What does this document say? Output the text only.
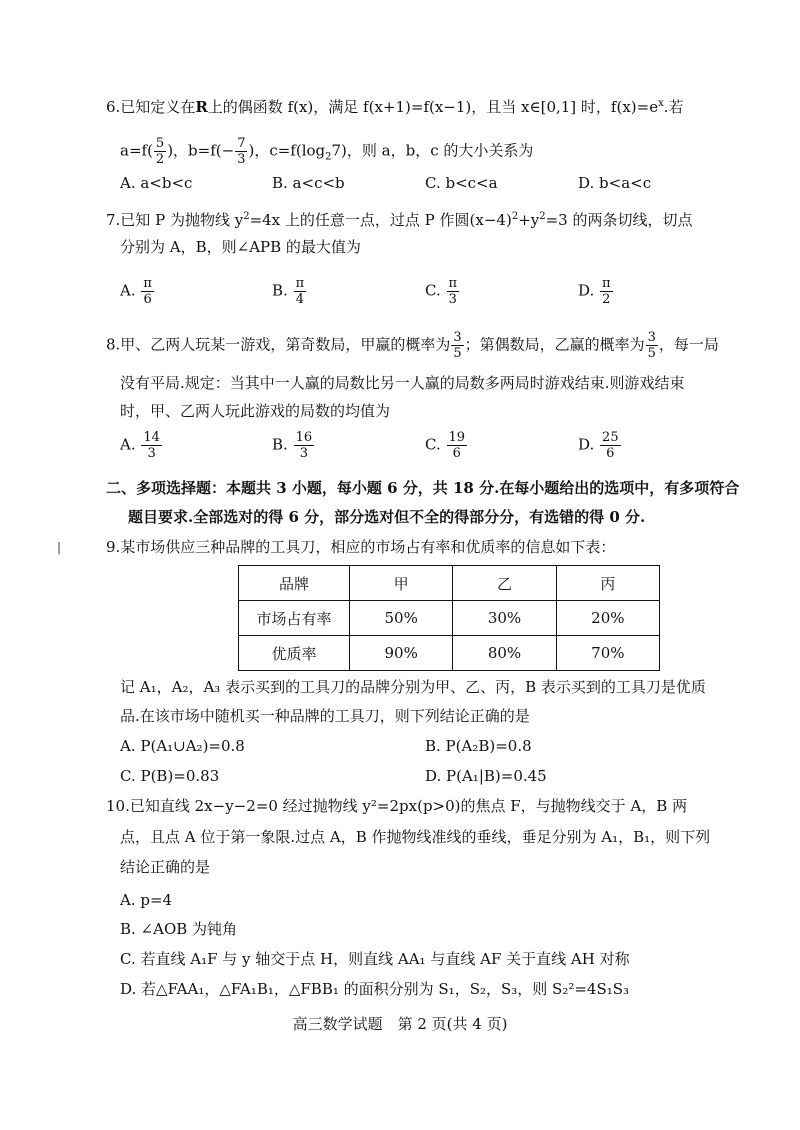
6.已知定义在R上的偶函数 f(x)，满足 f(x+1)=f(x−1)，且当 x∈[0,1] 时，$f(x)=e^x$.若
$a=f( \frac{5}{2}$ )，$b=f(- \frac{7}{3}$ )，$c=f(\log_27)$，则 a，b，c 的大小关系为
A. a<b<c	B. a<c<b	C. b<c<a	D. b<a<c
7.已知 P 为抛物线 $y^2=4x$ 上的任意一点，过点 P 作圆$(x-4)^2+y^2=3$ 的两条切线，切点
分别为 A，B，则∠APB 的最大值为
A. $\frac{\pi}{6}$	B. $\frac{\pi}{4}$	C. $\frac{\pi}{3}$	D. $\frac{\pi}{2}$
8.甲、乙两人玩某一游戏，第奇数局，甲赢的概率为 $\frac{3}{5}$ ；第偶数局，乙赢的概率为 $\frac{3}{5}$ ，每一局
没有平局.规定：当其中一人赢的局数比另一人赢的局数多两局时游戏结束.则游戏结束
时，甲、乙两人玩此游戏的局数的均值为
A. $\frac{14}{3}$	B. $\frac{16}{3}$	C. $\frac{19}{6}$	D. $\frac{25}{6}$
二、多项选择题：本题共 3 小题，每小题 6 分，共 18 分.在每小题给出的选项中，有多项符合
题目要求.全部选对的得 6 分，部分选对但不全的得部分分，有选错的得 0 分.
|	9.某市场供应三种品牌的工具刀，相应的市场占有率和优质率的信息如下表：
品牌	甲	乙	丙
市场占有率	50%	30%	20%
优质率	90%	80%	70%
记 A₁，A₂，A₃ 表示买到的工具刀的品牌分别为甲、乙、丙，B 表示买到的工具刀是优质
品.在该市场中随机买一种品牌的工具刀，则下列结论正确的是
A. P(A₁∪A₂)=0.8	B. P(A₂B)=0.8
C. P(B)=0.83	D. P(A₁|B)=0.45
10.已知直线 2x−y−2=0 经过抛物线 y²=2px(p>0)的焦点 F，与抛物线交于 A，B 两
点，且点 A 位于第一象限.过点 A，B 作抛物线准线的垂线，垂足分别为 A₁，B₁，则下列
结论正确的是
A. p=4
B. ∠AOB 为钝角
C. 若直线 A₁F 与 y 轴交于点 H，则直线 AA₁ 与直线 AF 关于直线 AH 对称
D. 若△FAA₁，△FA₁B₁，△FBB₁ 的面积分别为 S₁，S₂，S₃，则 S₂²=4S₁S₃
高三数学试题　第 2 页(共 4 页)
